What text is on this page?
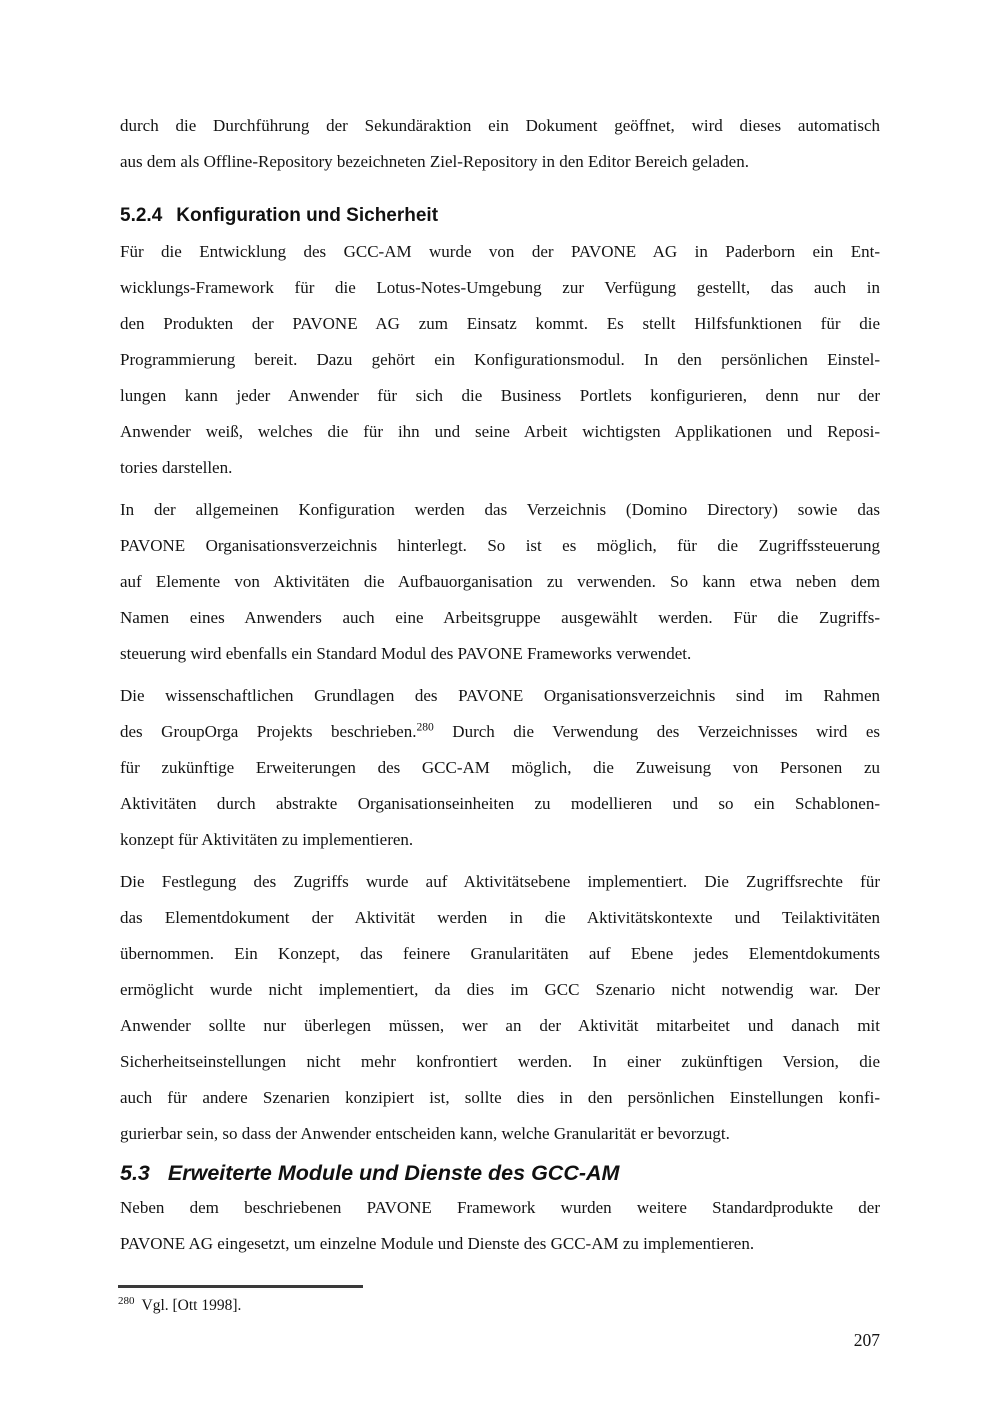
durch die Durchführung der Sekundäraktion ein Dokument geöffnet, wird dieses automatisch
aus dem als Offline-Repository bezeichneten Ziel-Repository in den Editor Bereich geladen.
5.2.4 Konfiguration und Sicherheit
Für die Entwicklung des GCC-AM wurde von der PAVONE AG in Paderborn ein Ent-
wicklungs-Framework für die Lotus-Notes-Umgebung zur Verfügung gestellt, das auch in
den Produkten der PAVONE AG zum Einsatz kommt. Es stellt Hilfsfunktionen für die
Programmierung bereit. Dazu gehört ein Konfigurationsmodul. In den persönlichen Einstel-
lungen kann jeder Anwender für sich die Business Portlets konfigurieren, denn nur der
Anwender weiß, welches die für ihn und seine Arbeit wichtigsten Applikationen und Reposi-
tories darstellen.
In der allgemeinen Konfiguration werden das Verzeichnis (Domino Directory) sowie das
PAVONE Organisationsverzeichnis hinterlegt. So ist es möglich, für die Zugriffssteuerung
auf Elemente von Aktivitäten die Aufbauorganisation zu verwenden. So kann etwa neben dem
Namen eines Anwenders auch eine Arbeitsgruppe ausgewählt werden. Für die Zugriffs-
steuerung wird ebenfalls ein Standard Modul des PAVONE Frameworks verwendet.
Die wissenschaftlichen Grundlagen des PAVONE Organisationsverzeichnis sind im Rahmen
des GroupOrga Projekts beschrieben.$^{280}$ Durch die Verwendung des Verzeichnisses wird es
für zukünftige Erweiterungen des GCC-AM möglich, die Zuweisung von Personen zu
Aktivitäten durch abstrakte Organisationseinheiten zu modellieren und so ein Schablonen-
konzept für Aktivitäten zu implementieren.
Die Festlegung des Zugriffs wurde auf Aktivitätsebene implementiert. Die Zugriffsrechte für
das Elementdokument der Aktivität werden in die Aktivitätskontexte und Teilaktivitäten
übernommen. Ein Konzept, das feinere Granularitäten auf Ebene jedes Elementdokuments
ermöglicht wurde nicht implementiert, da dies im GCC Szenario nicht notwendig war. Der
Anwender sollte nur überlegen müssen, wer an der Aktivität mitarbeitet und danach mit
Sicherheitseinstellungen nicht mehr konfrontiert werden. In einer zukünftigen Version, die
auch für andere Szenarien konzipiert ist, sollte dies in den persönlichen Einstellungen konfi-
gurierbar sein, so dass der Anwender entscheiden kann, welche Granularität er bevorzugt.
5.3 Erweiterte Module und Dienste des GCC-AM
Neben dem beschriebenen PAVONE Framework wurden weitere Standardprodukte der
PAVONE AG eingesetzt, um einzelne Module und Dienste des GCC-AM zu implementieren.
$^{280}$ Vgl. [Ott 1998].
207
